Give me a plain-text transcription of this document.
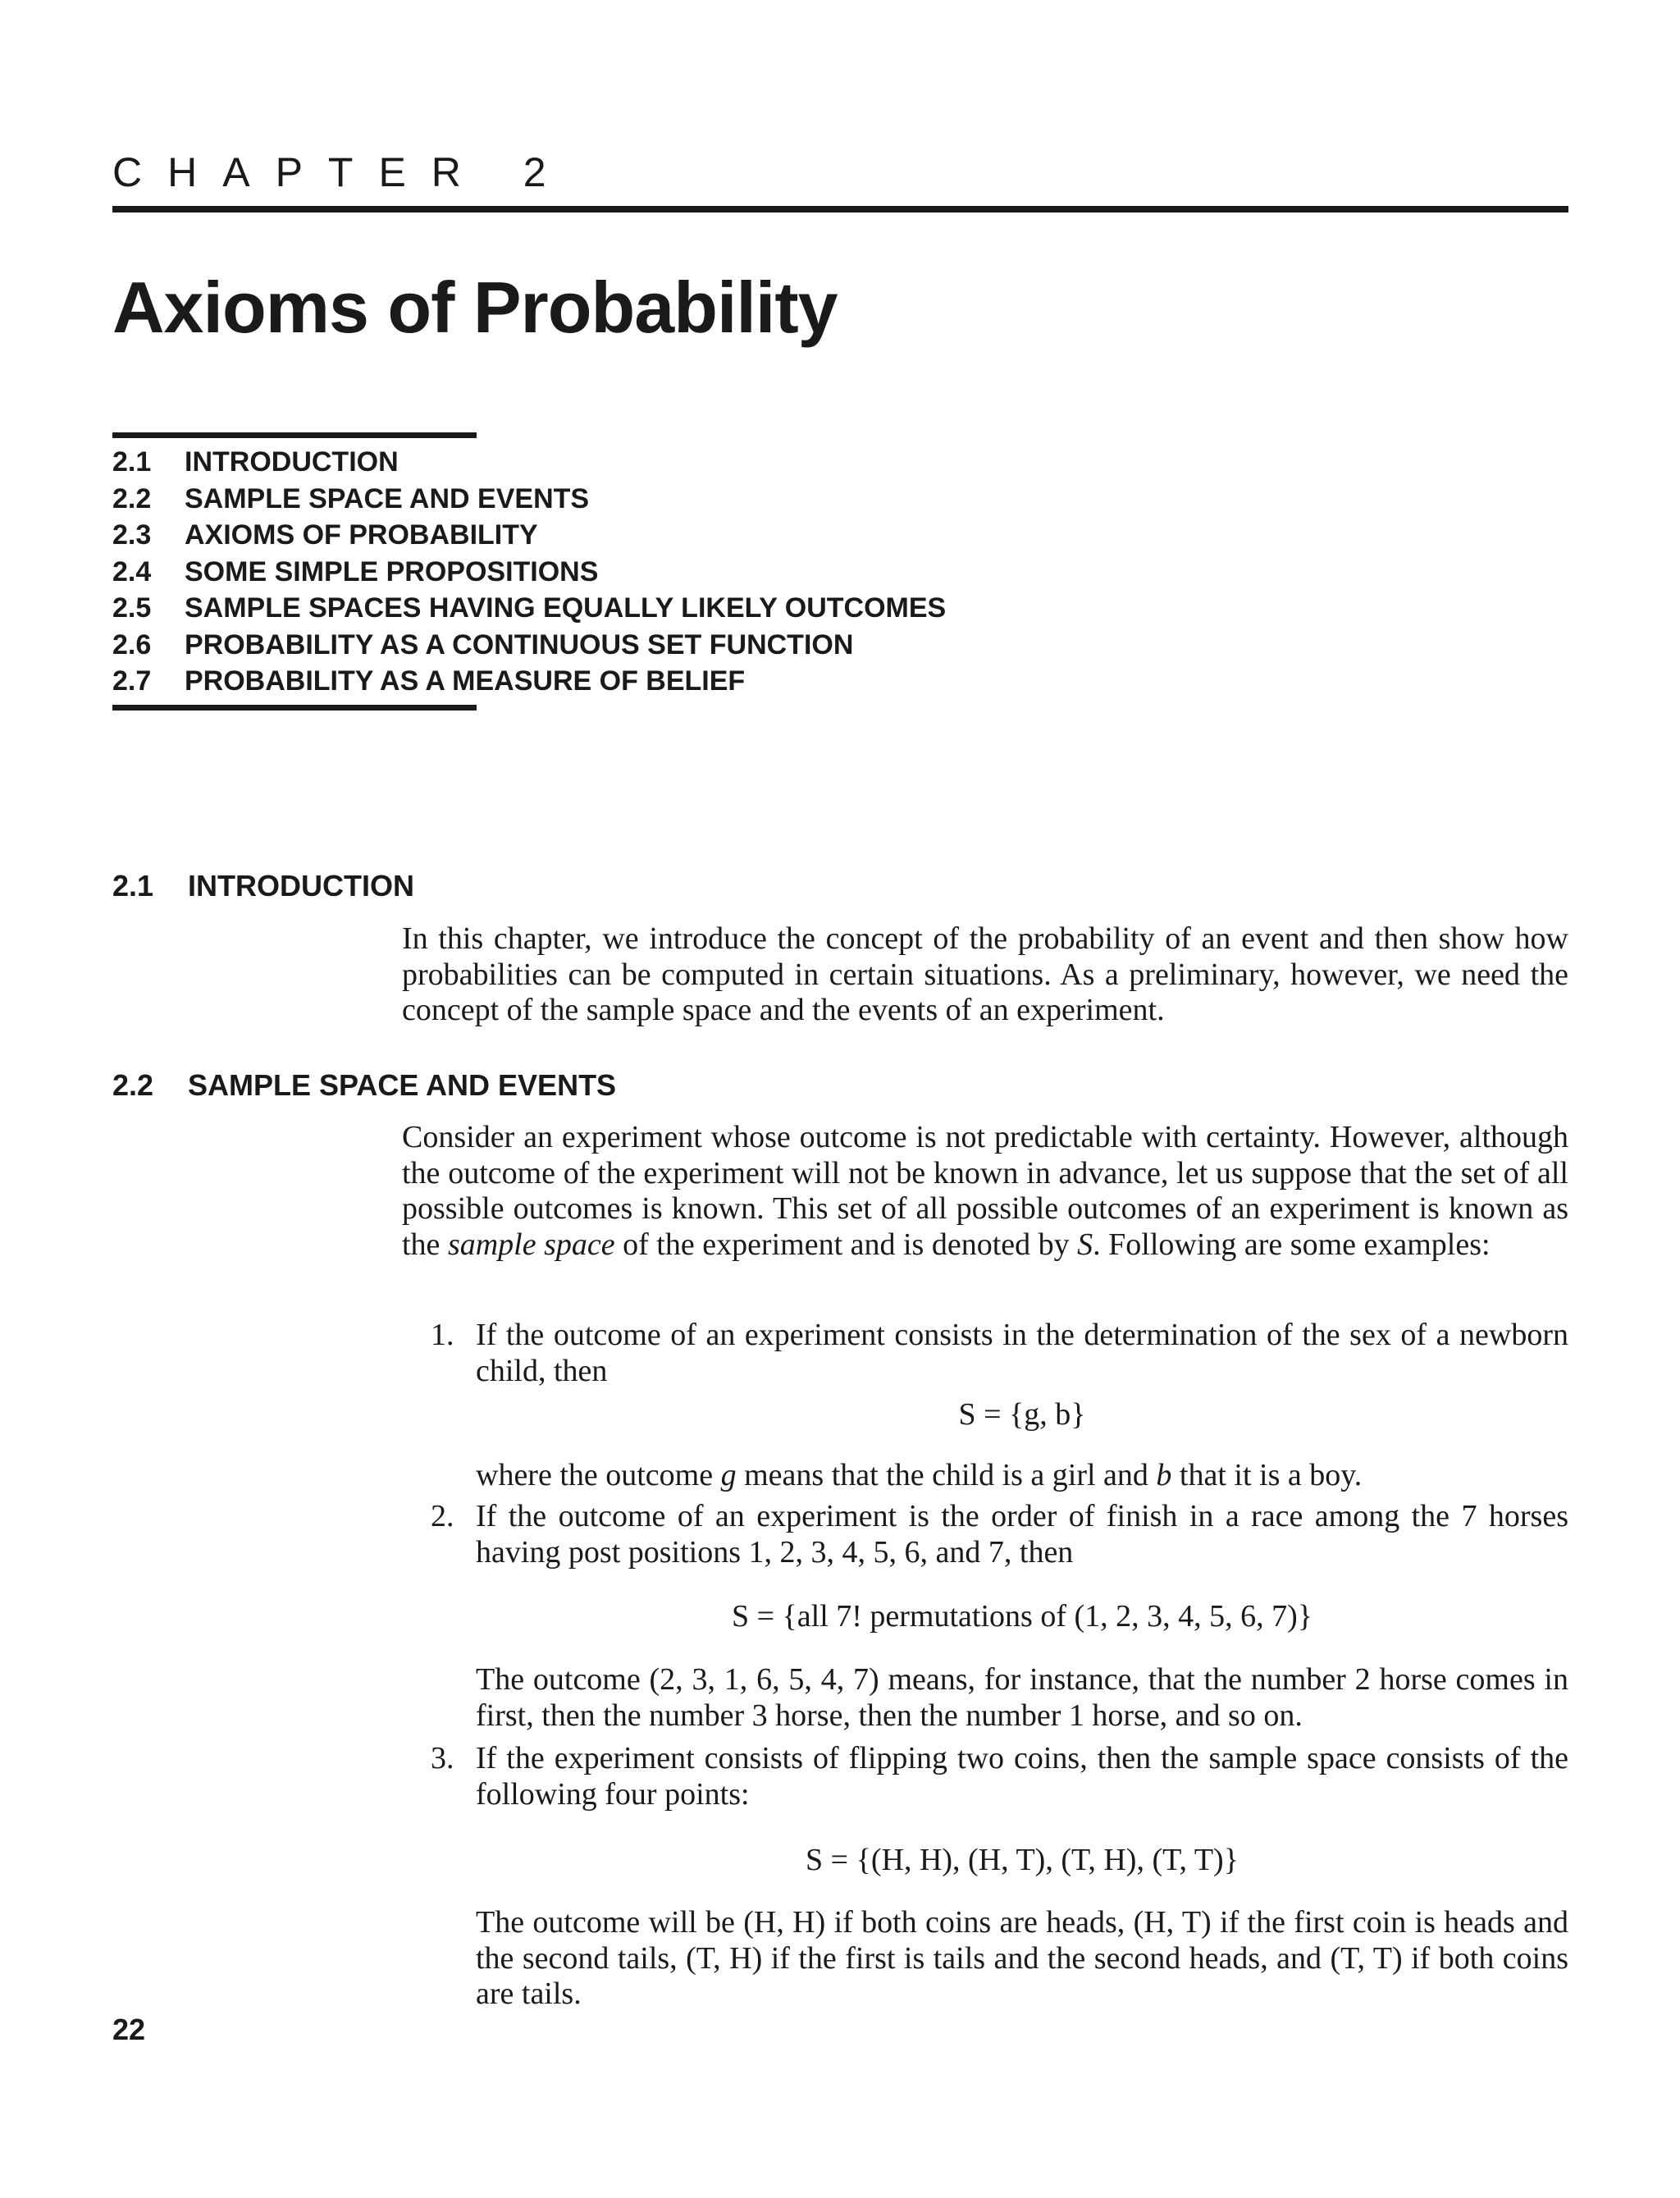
CHAPTER 2
Axioms of Probability
2.1 INTRODUCTION
2.2 SAMPLE SPACE AND EVENTS
2.3 AXIOMS OF PROBABILITY
2.4 SOME SIMPLE PROPOSITIONS
2.5 SAMPLE SPACES HAVING EQUALLY LIKELY OUTCOMES
2.6 PROBABILITY AS A CONTINUOUS SET FUNCTION
2.7 PROBABILITY AS A MEASURE OF BELIEF
2.1 INTRODUCTION

In this chapter, we introduce the concept of the probability of an event and then show how probabilities can be computed in certain situations. As a preliminary, however, we need the concept of the sample space and the events of an experiment.

2.2 SAMPLE SPACE AND EVENTS

Consider an experiment whose outcome is not predictable with certainty. However, although the outcome of the experiment will not be known in advance, let us suppose that the set of all possible outcomes is known. This set of all possible outcomes of an experiment is known as the sample space of the experiment and is denoted by S. Following are some examples:

1. If the outcome of an experiment consists in the determination of the sex of a newborn child, then

S = {g, b}

where the outcome g means that the child is a girl and b that it is a boy.

2. If the outcome of an experiment is the order of finish in a race among the 7 horses having post positions 1, 2, 3, 4, 5, 6, and 7, then

S = {all 7! permutations of (1, 2, 3, 4, 5, 6, 7)}

The outcome (2, 3, 1, 6, 5, 4, 7) means, for instance, that the number 2 horse comes in first, then the number 3 horse, then the number 1 horse, and so on.

3. If the experiment consists of flipping two coins, then the sample space consists of the following four points:

S = {(H, H), (H, T), (T, H), (T, T)}

The outcome will be (H, H) if both coins are heads, (H, T) if the first coin is heads and the second tails, (T, H) if the first is tails and the second heads, and (T, T) if both coins are tails.

22
